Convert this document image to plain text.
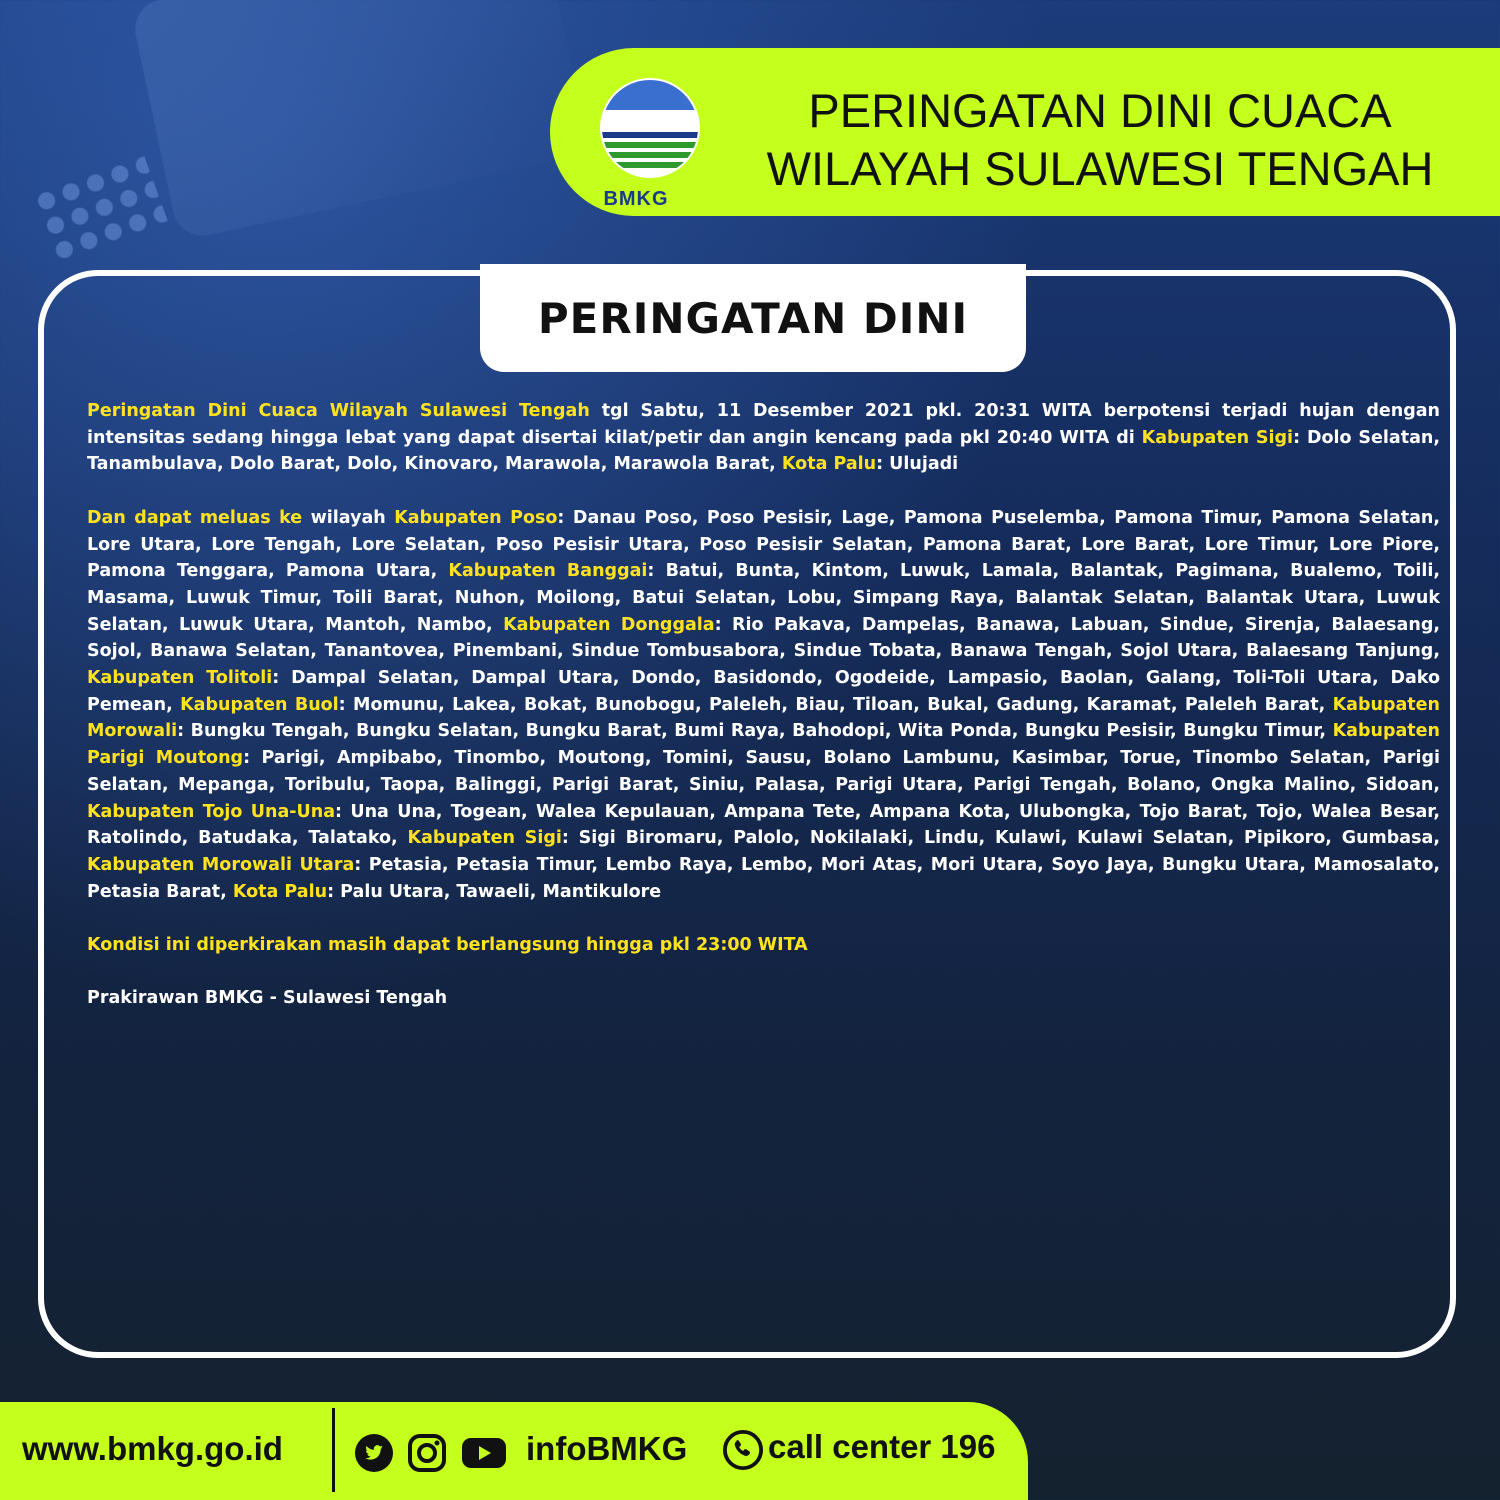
BMKG
PERINGATAN DINI CUACA
WILAYAH SULAWESI TENGAH
PERINGATAN DINI

Peringatan Dini Cuaca Wilayah Sulawesi Tengah tgl Sabtu, 11 Desember 2021 pkl. 20:31 WITA berpotensi terjadi hujan dengan intensitas sedang hingga lebat yang dapat disertai kilat/petir dan angin kencang pada pkl 20:40 WITA di Kabupaten Sigi: Dolo Selatan, Tanambulava, Dolo Barat, Dolo, Kinovaro, Marawola, Marawola Barat, Kota Palu: Ulujadi

Dan dapat meluas ke wilayah Kabupaten Poso: Danau Poso, Poso Pesisir, Lage, Pamona Puselemba, Pamona Timur, Pamona Selatan, Lore Utara, Lore Tengah, Lore Selatan, Poso Pesisir Utara, Poso Pesisir Selatan, Pamona Barat, Lore Barat, Lore Timur, Lore Piore, Pamona Tenggara, Pamona Utara, Kabupaten Banggai: Batui, Bunta, Kintom, Luwuk, Lamala, Balantak, Pagimana, Bualemo, Toili, Masama, Luwuk Timur, Toili Barat, Nuhon, Moilong, Batui Selatan, Lobu, Simpang Raya, Balantak Selatan, Balantak Utara, Luwuk Selatan, Luwuk Utara, Mantoh, Nambo, Kabupaten Donggala: Rio Pakava, Dampelas, Banawa, Labuan, Sindue, Sirenja, Balaesang, Sojol, Banawa Selatan, Tanantovea, Pinembani, Sindue Tombusabora, Sindue Tobata, Banawa Tengah, Sojol Utara, Balaesang Tanjung, Kabupaten Tolitoli: Dampal Selatan, Dampal Utara, Dondo, Basidondo, Ogodeide, Lampasio, Baolan, Galang, Toli-Toli Utara, Dako Pemean, Kabupaten Buol: Momunu, Lakea, Bokat, Bunobogu, Paleleh, Biau, Tiloan, Bukal, Gadung, Karamat, Paleleh Barat, Kabupaten Morowali: Bungku Tengah, Bungku Selatan, Bungku Barat, Bumi Raya, Bahodopi, Wita Ponda, Bungku Pesisir, Bungku Timur, Kabupaten Parigi Moutong: Parigi, Ampibabo, Tinombo, Moutong, Tomini, Sausu, Bolano Lambunu, Kasimbar, Torue, Tinombo Selatan, Parigi Selatan, Mepanga, Toribulu, Taopa, Balinggi, Parigi Barat, Siniu, Palasa, Parigi Utara, Parigi Tengah, Bolano, Ongka Malino, Sidoan, Kabupaten Tojo Una-Una: Una Una, Togean, Walea Kepulauan, Ampana Tete, Ampana Kota, Ulubongka, Tojo Barat, Tojo, Walea Besar, Ratolindo, Batudaka, Talatako, Kabupaten Sigi: Sigi Biromaru, Palolo, Nokilalaki, Lindu, Kulawi, Kulawi Selatan, Pipikoro, Gumbasa, Kabupaten Morowali Utara: Petasia, Petasia Timur, Lembo Raya, Lembo, Mori Atas, Mori Utara, Soyo Jaya, Bungku Utara, Mamosalato, Petasia Barat, Kota Palu: Palu Utara, Tawaeli, Mantikulore

Kondisi ini diperkirakan masih dapat berlangsung hingga pkl 23:00 WITA

Prakirawan BMKG - Sulawesi Tengah

www.bmkg.go.id	infoBMKG call center 196
